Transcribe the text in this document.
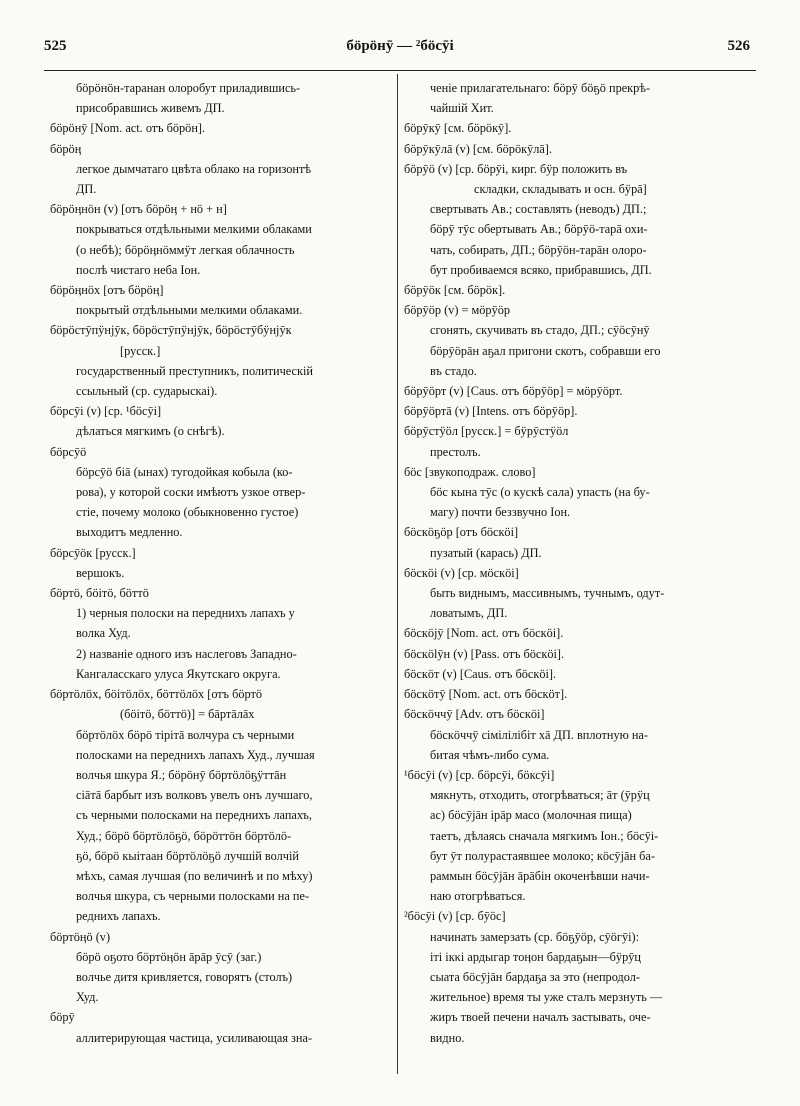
525	бӧрӧнӯ — ²бӧсӯі	526
бӧрӧнӧн-таранан олоробут приладившись-
присобравшись живемъ ДП.
бӧрӧнӯ [Nom. act. отъ бӧрӧн].
бӧрӧӊ
легкое дымчатаго цвѣта облако на горизонтѣ
ДП.
бӧрӧӊнӧн (v) [отъ бӧрӧӊ + нӧ + н]
покрываться отдѣльными мелкими облаками
(о небѣ); бӧрӧӊнӧммӱт легкая облачность
послѣ чистаго неба Іон.
бӧрӧӊнӧх [отъ бӧрӧӊ]
покрытый отдѣльными мелкими облаками.
бӧрӧстӯпӱнjӯк, бӧрӧстӯпӱнjӯк, бӧрӧстӯбӱнjӯк
[русск.]
государственный преступникъ, политическій
ссыльный (ср. сударыскаі).
бӧрсӯі (v) [ср. ¹бӧсӯі]
дѣлаться мягкимъ (о снѣгѣ).
бӧрсӯӧ
бӧрсӯӧ біā (ынах) тугодойкая кобыла (ко-
рова), у которой соски имѣютъ узкое отвер-
стіе, почему молоко (обыкновенно густое)
выходитъ медленно.
бӧрсӯӧк [русск.]
вершокъ.
бӧртӧ, бӧітӧ, бӧттӧ
1) черныя полоски на переднихъ лапахъ у
волка Худ.
2) названіе одного изъ наслеговъ Западно-
Кангаласскаго улуса Якутскаго округа.
бӧртӧлӧх, бӧітӧлӧх, бӧттӧлӧх [отъ бӧртӧ
(бӧітӧ, бӧттӧ)] = бāртāлāх
бӧртӧлӧх бӧрӧ тірітā волчура съ черными
полосками на переднихъ лапахъ Худ., лучшая
волчья шкура Я.; бӧрӧнӯ бӧртӧлӧҕӱттāн
сіāтā барбыт изъ волковъ увелъ онъ лучшаго,
съ черными полосками на переднихъ лапахъ,
Худ.; бӧрӧ бӧртӧлӧҕӧ, бӧрӧттӧн бӧртӧлӧ-
ҕӧ, бӧрӧ кыітаан бӧртӧлӧҕӧ лучшій волчій
мѣхъ, самая лучшая (по величинѣ и по мѣху)
волчья шкура, съ черными полосками на пе-
реднихъ лапахъ.
бӧртӧӊӧ (v)
бӧрӧ оҕото бӧртӧӊӧн āрāр ӯсӯ (заг.)
волчье дитя кривляется, говорятъ (столъ)
Худ.
бӧрӯ
аллитерирующая частица, усиливающая зна-
ченіе прилагательнаго: бӧрӯ бӧҕӧ прекрѣ-
чайшій Хит.
бӧрӯкӯ [см. бӧрӧкӯ].
бӧрӯкӯлā (v) [см. бӧрӧкӯлā].
бӧрӯӧ (v) [ср. бӧрӯі, кирг. бӱр положить въ
складки, складывать и осн. бӱрā]
свертывать Ав.; составлять (неводъ) ДП.;
бӧрӯ тӯс обертывать Ав.; бӧрӯӧ-тарā охи-
чать, собирать, ДП.; бӧрӯӧн-тарāн олоро-
бут пробиваемся всяко, прибравшись, ДП.
бӧрӯӧк [см. бӧрӧк].
бӧрӯӧр (v) = мӧрӯӧр
сгонять, скучивать въ стадо, ДП.; сӯӧсӯнӯ
бӧрӯӧрāн аҕал пригони скотъ, собравши его
въ стадо.
бӧрӯӧрт (v) [Caus. отъ бӧрӯӧр] = мӧрӯӧрт.
бӧрӯӧртā (v) [Intens. отъ бӧрӯӧр].
бӧрӯстӱӧл [русск.] = бӱрӯстӱӧл
престолъ.
бӧс [звукоподраж. слово]
бӧс кына тӯс (о кускѣ сала) упасть (на бу-
магу) почти беззвучно Іон.
бӧскӧҕӧр [отъ бӧскӧі]
пузатый (карась) ДП.
бӧскӧі (v) [ср. мӧскӧі]
быть виднымъ, массивнымъ, тучнымъ, одут-
ловатымъ, ДП.
бӧскӧjӯ [Nom. act. отъ бӧскӧі].
бӧскӧlӯн (v) [Pass. отъ бӧскӧі].
бӧскӧт (v) [Caus. отъ бӧскӧі].
бӧскӧтӯ [Nom. act. отъ бӧскӧт].
бӧскӧччӯ [Adv. отъ бӧскӧі]
бӧскӧччӯ сімілілібіт хā ДП. вплотную на-
битая чѣмъ-либо сума.
¹бӧсӯі (v) [ср. бӧрсӯі, бӧксӯі]
мякнуть, отходить, отогрѣваться; āт (ӯрӱц
ас) бӧсӯjāн ірāр масо (молочная пища)
таетъ, дѣлаясь сначала мягкимъ Іон.; бӧсӯі-
бут ӯт полурастаявшее молоко; кӧсӯjāн ба-
раммын бӧсӯjāн āрāбін окоченѣвши начи-
наю отогрѣваться.
²бӧсӯі (v) [ср. бӯӧс]
начинать замерзать (ср. бӧҕӯӧр, сӯӧгӯі):
іті ікκі ардыгар тоӊон бардаҕын—бӱрӯц
сыата бӧсӯjāн бардаҕа за это (непродол-
жительное) время ты уже сталъ мерзнуть —
жиръ твоей печени началъ застывать, оче-
видно.
